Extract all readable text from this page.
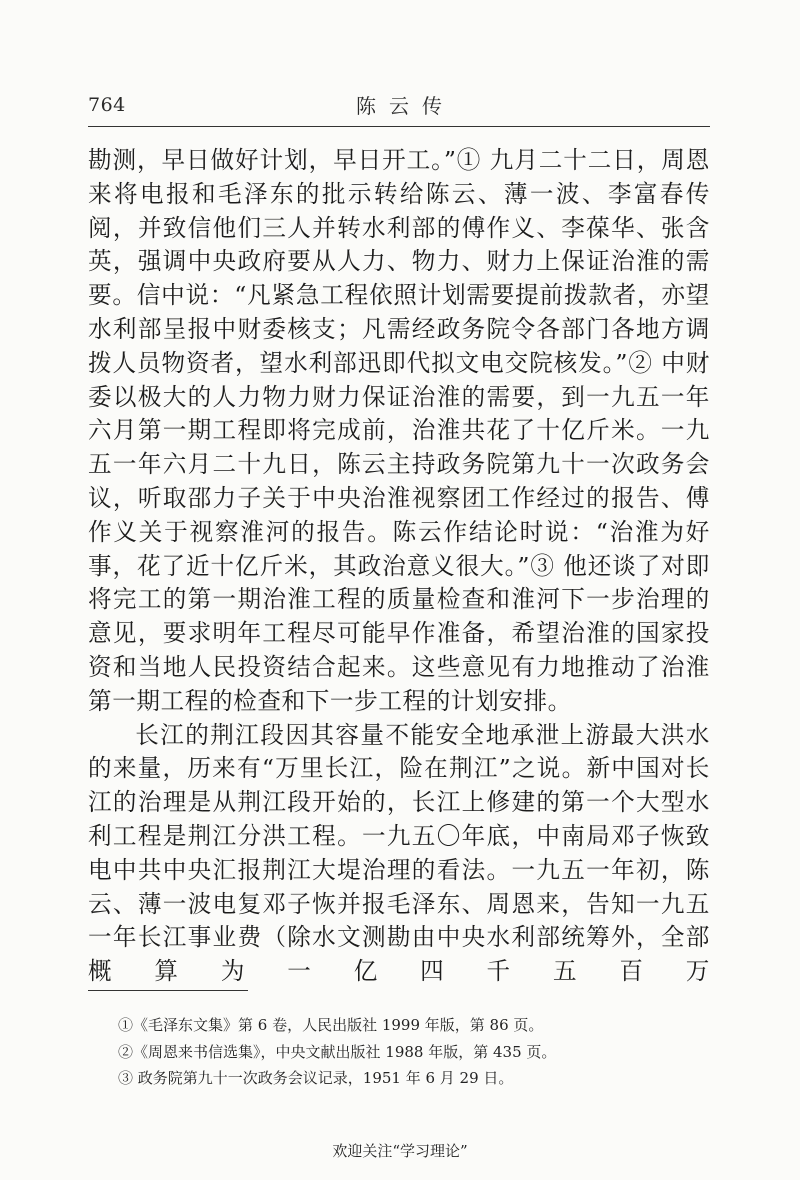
764	陈云传

勘测，早日做好计划，早日开工。”① 九月二十二日，周恩来将电报和毛泽东的批示转给陈云、薄一波、李富春传阅，并致信他们三人并转水利部的傅作义、李葆华、张含英，强调中央政府要从人力、物力、财力上保证治淮的需要。信中说：“凡紧急工程依照计划需要提前拨款者，亦望水利部呈报中财委核支；凡需经政务院令各部门各地方调拨人员物资者，望水利部迅即代拟文电交院核发。”② 中财委以极大的人力物力财力保证治淮的需要，到一九五一年六月第一期工程即将完成前，治淮共花了十亿斤米。一九五一年六月二十九日，陈云主持政务院第九十一次政务会议，听取邵力子关于中央治淮视察团工作经过的报告、傅作义关于视察淮河的报告。陈云作结论时说：“治淮为好事，花了近十亿斤米，其政治意义很大。”③ 他还谈了对即将完工的第一期治淮工程的质量检查和淮河下一步治理的意见，要求明年工程尽可能早作准备，希望治淮的国家投资和当地人民投资结合起来。这些意见有力地推动了治淮第一期工程的检查和下一步工程的计划安排。

长江的荆江段因其容量不能安全地承泄上游最大洪水的来量，历来有“万里长江，险在荆江”之说。新中国对长江的治理是从荆江段开始的，长江上修建的第一个大型水利工程是荆江分洪工程。一九五〇年底，中南局邓子恢致电中共中央汇报荆江大堤治理的看法。一九五一年初，陈云、薄一波电复邓子恢并报毛泽东、周恩来，告知一九五一年长江事业费（除水文测勘由中央水利部统筹外，全部概算为一亿四千五百万

①《毛泽东文集》第 6 卷，人民出版社 1999 年版，第 86 页。
②《周恩来书信选集》，中央文献出版社 1988 年版，第 435 页。
③ 政务院第九十一次政务会议记录，1951 年 6 月 29 日。
欢迎关注“学习理论”
